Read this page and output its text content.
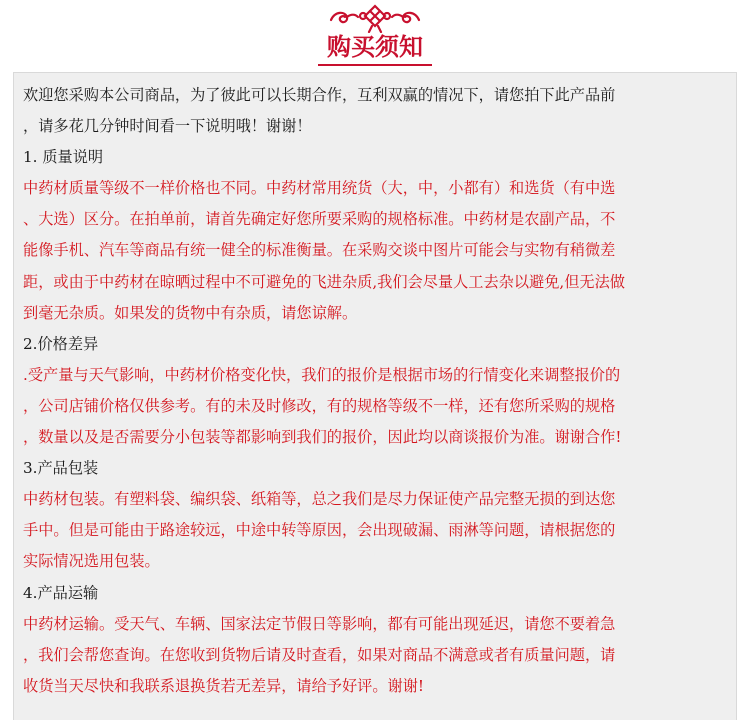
购买须知
欢迎您采购本公司商品，为了彼此可以长期合作，互利双赢的情况下，请您拍下此产品前
，请多花几分钟时间看一下说明哦！谢谢！
1. 质量说明
中药材质量等级不一样价格也不同。中药材常用统货（大，中，小都有）和选货（有中选
、大选）区分。在拍单前，请首先确定好您所要采购的规格标准。中药材是农副产品，不
能像手机、汽车等商品有统一健全的标准衡量。在采购交谈中图片可能会与实物有稍微差
距，或由于中药材在晾晒过程中不可避免的飞进杂质,我们会尽量人工去杂以避免,但无法做
到毫无杂质。如果发的货物中有杂质，请您谅解。
2.价格差异
.受产量与天气影响，中药材价格变化快，我们的报价是根据市场的行情变化来调整报价的
，公司店铺价格仅供参考。有的未及时修改，有的规格等级不一样，还有您所采购的规格
，数量以及是否需要分小包装等都影响到我们的报价，因此均以商谈报价为准。谢谢合作!
3.产品包装
中药材包装。有塑料袋、编织袋、纸箱等，总之我们是尽力保证使产品完整无损的到达您
手中。但是可能由于路途较远，中途中转等原因，会出现破漏、雨淋等问题，请根据您的
实际情况选用包装。
4.产品运输
中药材运输。受天气、车辆、国家法定节假日等影响，都有可能出现延迟，请您不要着急
，我们会帮您查询。在您收到货物后请及时查看，如果对商品不满意或者有质量问题，请
收货当天尽快和我联系退换货若无差异，请给予好评。谢谢!
